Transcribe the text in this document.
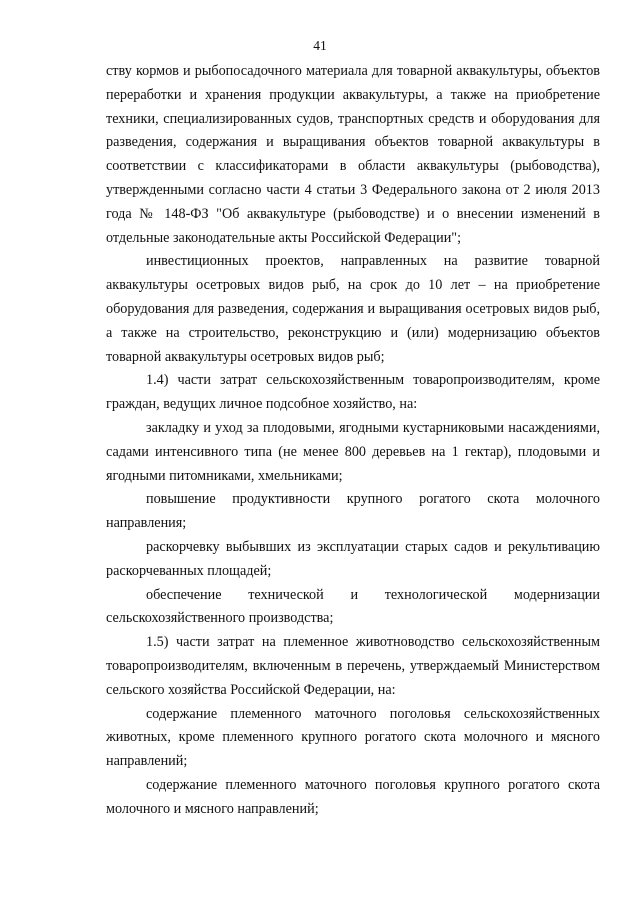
41

ству кормов и рыбопосадочного материала для товарной аквакультуры, объектов переработки и хранения продукции аквакультуры, а также на приобретение техники, специализированных судов, транспортных средств и оборудования для разведения, содержания и выращивания объектов товарной аквакультуры в соответствии с классификаторами в области аквакультуры (рыбоводства), утвержденными согласно части 4 статьи 3 Федерального закона от 2 июля 2013 года № 148-ФЗ "Об аквакультуре (рыбоводстве) и о внесении изменений в отдельные законодательные акты Российской Федерации";

инвестиционных проектов, направленных на развитие товарной аквакультуры осетровых видов рыб, на срок до 10 лет – на приобретение оборудования для разведения, содержания и выращивания осетровых видов рыб, а также на строительство, реконструкцию и (или) модернизацию объектов товарной аквакультуры осетровых видов рыб;

1.4) части затрат сельскохозяйственным товаропроизводителям, кроме граждан, ведущих личное подсобное хозяйство, на:

закладку и уход за плодовыми, ягодными кустарниковыми насаждениями, садами интенсивного типа (не менее 800 деревьев на 1 гектар), плодовыми и ягодными питомниками, хмельниками;

повышение продуктивности крупного рогатого скота молочного направления;

раскорчевку выбывших из эксплуатации старых садов и рекультивацию раскорчеванных площадей;

обеспечение технической и технологической модернизации сельскохозяйственного производства;

1.5) части затрат на племенное животноводство сельскохозяйственным товаропроизводителям, включенным в перечень, утверждаемый Министерством сельского хозяйства Российской Федерации, на:

содержание племенного маточного поголовья сельскохозяйственных животных, кроме племенного крупного рогатого скота молочного и мясного направлений;

содержание племенного маточного поголовья крупного рогатого скота молочного и мясного направлений;
